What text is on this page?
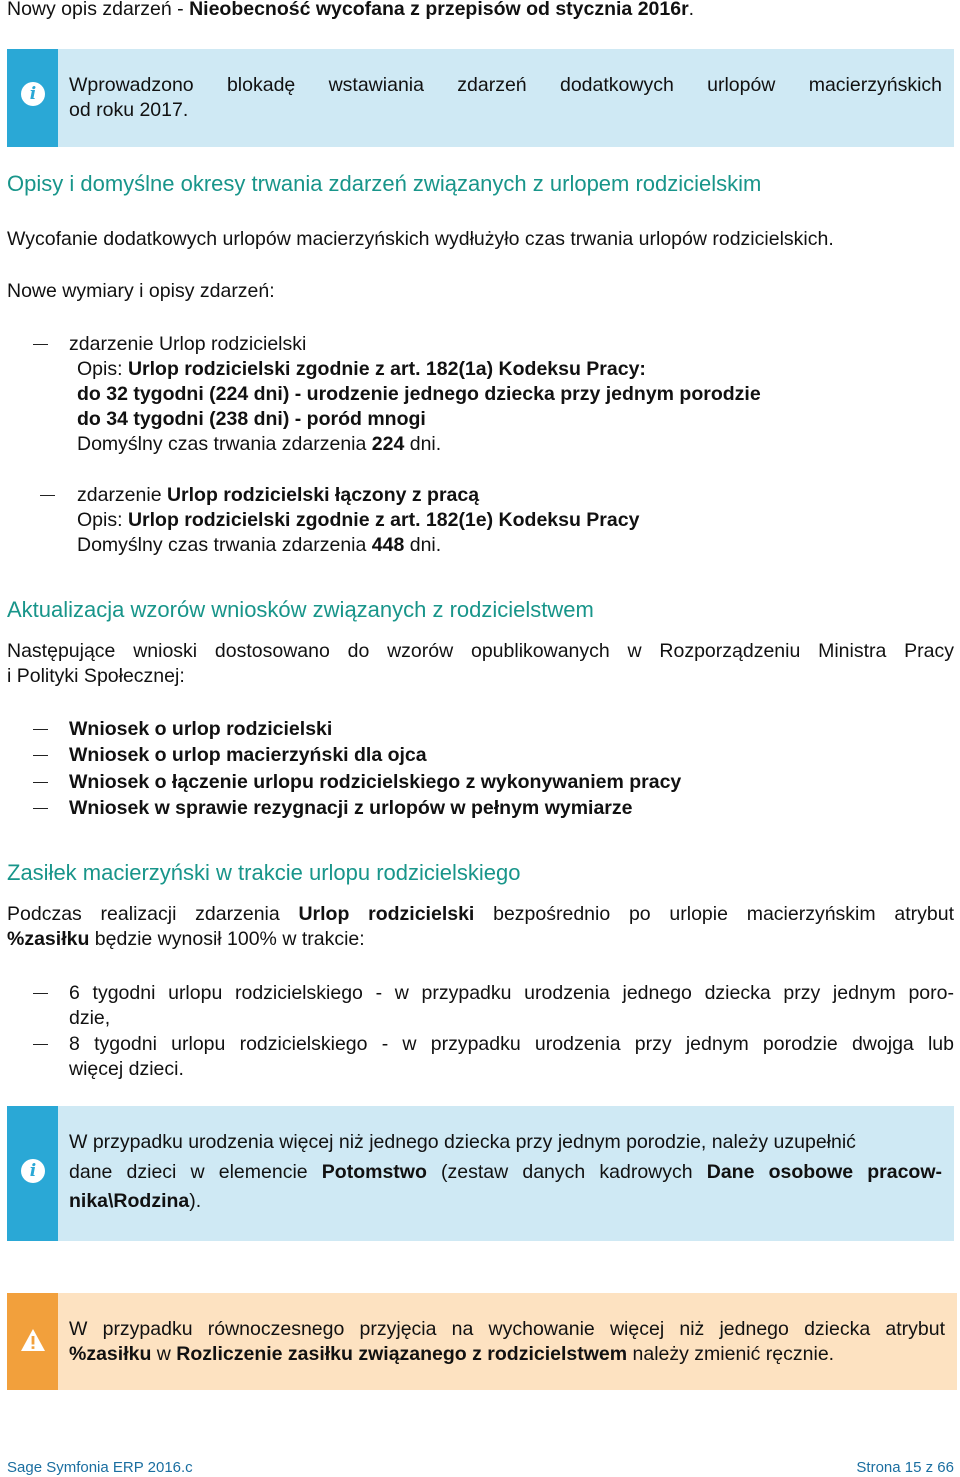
Nowy opis zdarzeń - Nieobecność wycofana z przepisów od stycznia 2016r.
i	Wprowadzono blokadę wstawiania zdarzeń dodatkowych urlopów macierzyńskich
od roku 2017.
Opisy i domyślne okresy trwania zdarzeń związanych z urlopem rodzicielskim
Wycofanie dodatkowych urlopów macierzyńskich wydłużyło czas trwania urlopów rodzicielskich.
Nowe wymiary i opisy zdarzeń:
zdarzenie Urlop rodzicielski
Opis: Urlop rodzicielski zgodnie z art. 182(1a) Kodeksu Pracy:
do 32 tygodni (224 dni) - urodzenie jednego dziecka przy jednym porodzie
do 34 tygodni (238 dni) - poród mnogi
Domyślny czas trwania zdarzenia 224 dni.
zdarzenie Urlop rodzicielski łączony z pracą
Opis: Urlop rodzicielski zgodnie z art. 182(1e) Kodeksu Pracy
Domyślny czas trwania zdarzenia 448 dni.
Aktualizacja wzorów wniosków związanych z rodzicielstwem
Następujące wnioski dostosowano do wzorów opublikowanych w Rozporządzeniu Ministra Pracy
i Polityki Społecznej:
Wniosek o urlop rodzicielski
Wniosek o urlop macierzyński dla ojca
Wniosek o łączenie urlopu rodzicielskiego z wykonywaniem pracy
Wniosek w sprawie rezygnacji z urlopów w pełnym wymiarze
Zasiłek macierzyński w trakcie urlopu rodzicielskiego
Podczas realizacji zdarzenia Urlop rodzicielski bezpośrednio po urlopie macierzyńskim atrybut
%zasiłku będzie wynosił 100% w trakcie:
6 tygodni urlopu rodzicielskiego - w przypadku urodzenia jednego dziecka przy jednym poro-
dzie,
8 tygodni urlopu rodzicielskiego - w przypadku urodzenia przy jednym porodzie dwojga lub
więcej dzieci.
i
W przypadku urodzenia więcej niż jednego dziecka przy jednym porodzie, należy uzupełnić
dane dzieci w elemencie Potomstwo (zestaw danych kadrowych Dane osobowe pracow-
nika\Rodzina).
W przypadku równoczesnego przyjęcia na wychowanie więcej niż jednego dziecka atrybut
%zasiłku w Rozliczenie zasiłku związanego z rodzicielstwem należy zmienić ręcznie.
Sage Symfonia ERP 2016.c	Strona 15 z 66
